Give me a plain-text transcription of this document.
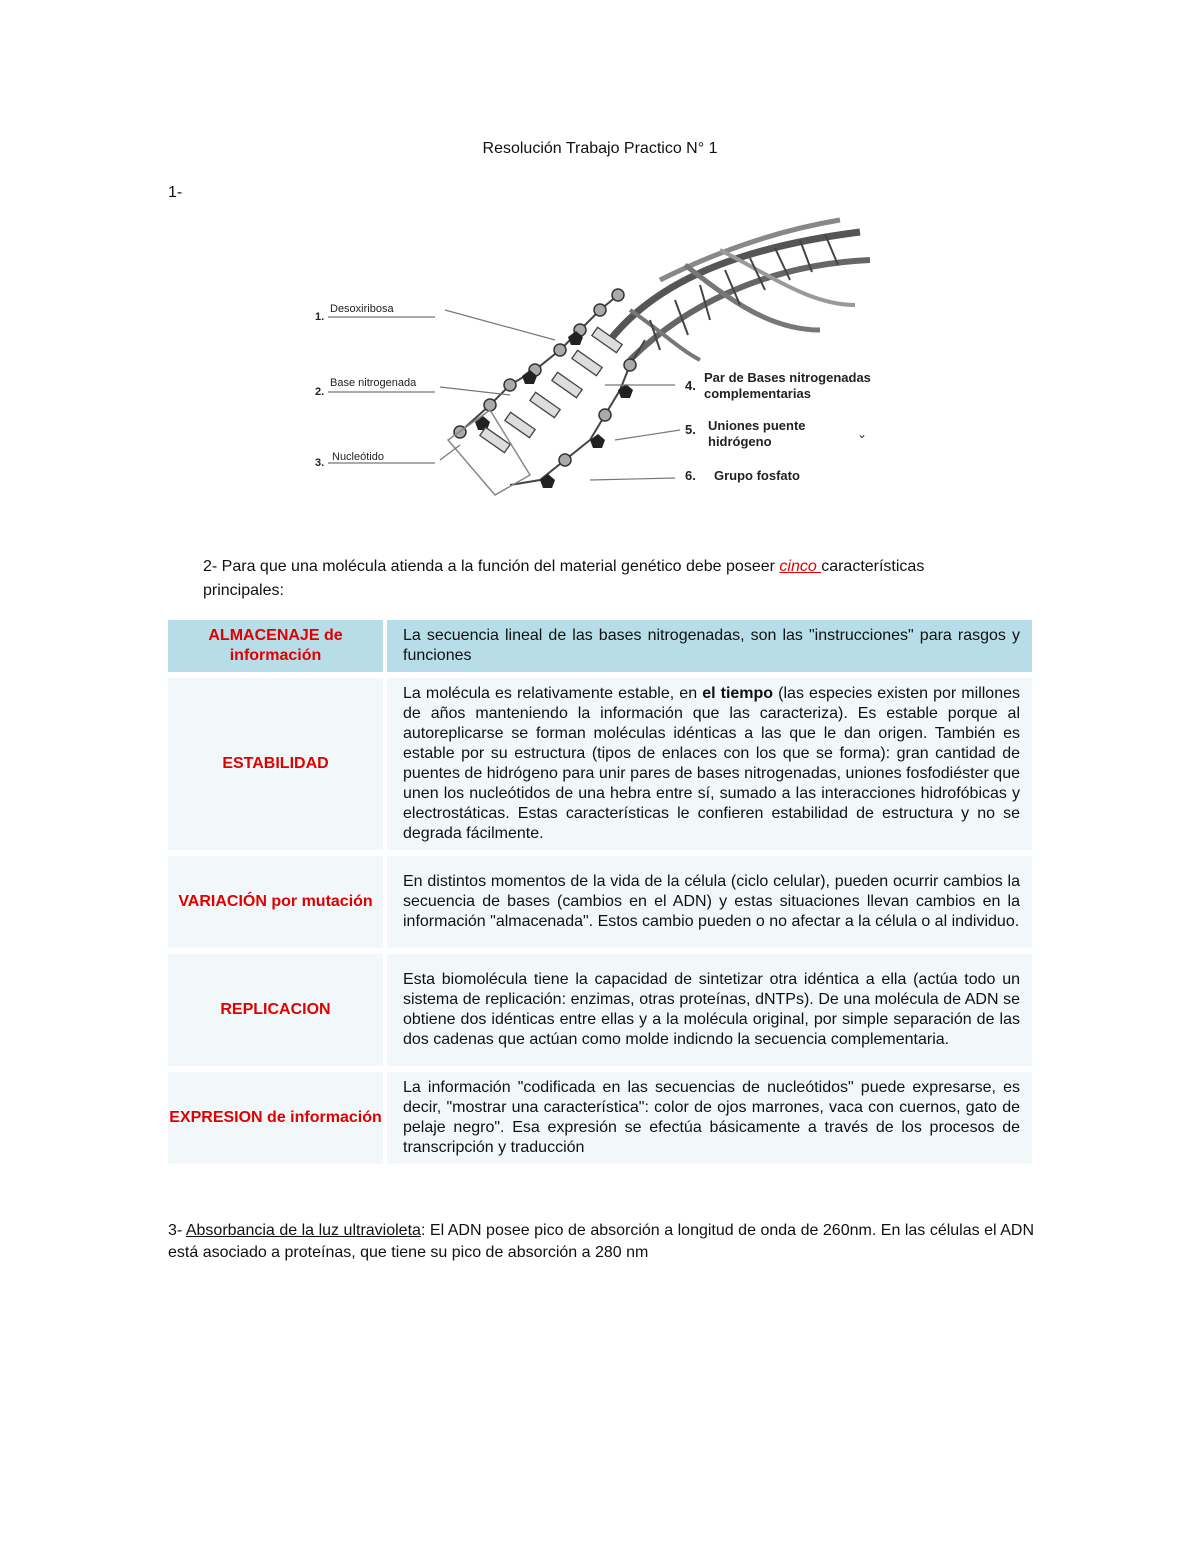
Resolución Trabajo Practico N° 1
1-
1.
Desoxiribosa
2.
Base nitrogenada
3. Nucleótido
4.
Par de Bases nitrogenadas
complementarias
5. Uniones puente
hidrógeno
6. Grupo fosfato
⌄
2- Para que una molécula atienda a la función del material genético debe poseer cinco características principales:
ALMACENAJE de información	La secuencia lineal de las bases nitrogenadas, son las "instrucciones" para rasgos y funciones
ESTABILIDAD	La molécula es relativamente estable, en el tiempo (las especies existen por millones de años manteniendo la información que las caracteriza). Es estable porque al autoreplicarse se forman moléculas idénticas a las que le dan origen. También es estable por su estructura (tipos de enlaces con los que se forma): gran cantidad de puentes de hidrógeno para unir pares de bases nitrogenadas, uniones fosfodiéster que unen los nucleótidos de una hebra entre sí, sumado a las interacciones hidrofóbicas y electrostáticas. Estas características le confieren estabilidad de estructura y no se degrada fácilmente.
VARIACIÓN por mutación	En distintos momentos de la vida de la célula (ciclo celular), pueden ocurrir cambios la secuencia de bases (cambios en el ADN) y estas situaciones llevan cambios en la información "almacenada". Estos cambio pueden o no afectar a la célula o al individuo.
REPLICACION	Esta biomolécula tiene la capacidad de sintetizar otra idéntica a ella (actúa todo un sistema de replicación: enzimas, otras proteínas, dNTPs). De una molécula de ADN se obtiene dos idénticas entre ellas y a la molécula original, por simple separación de las dos cadenas que actúan como molde indicndo la secuencia complementaria.
EXPRESION de información	La información "codificada en las secuencias de nucleótidos" puede expresarse, es decir, "mostrar una característica": color de ojos marrones, vaca con cuernos, gato de pelaje negro". Esa expresión se efectúa básicamente a través de los procesos de transcripción y traducción
3- Absorbancia de la luz ultravioleta: El ADN posee pico de absorción a longitud de onda de 260nm. En las células el ADN está asociado a proteínas, que tiene su pico de absorción a 280 nm
